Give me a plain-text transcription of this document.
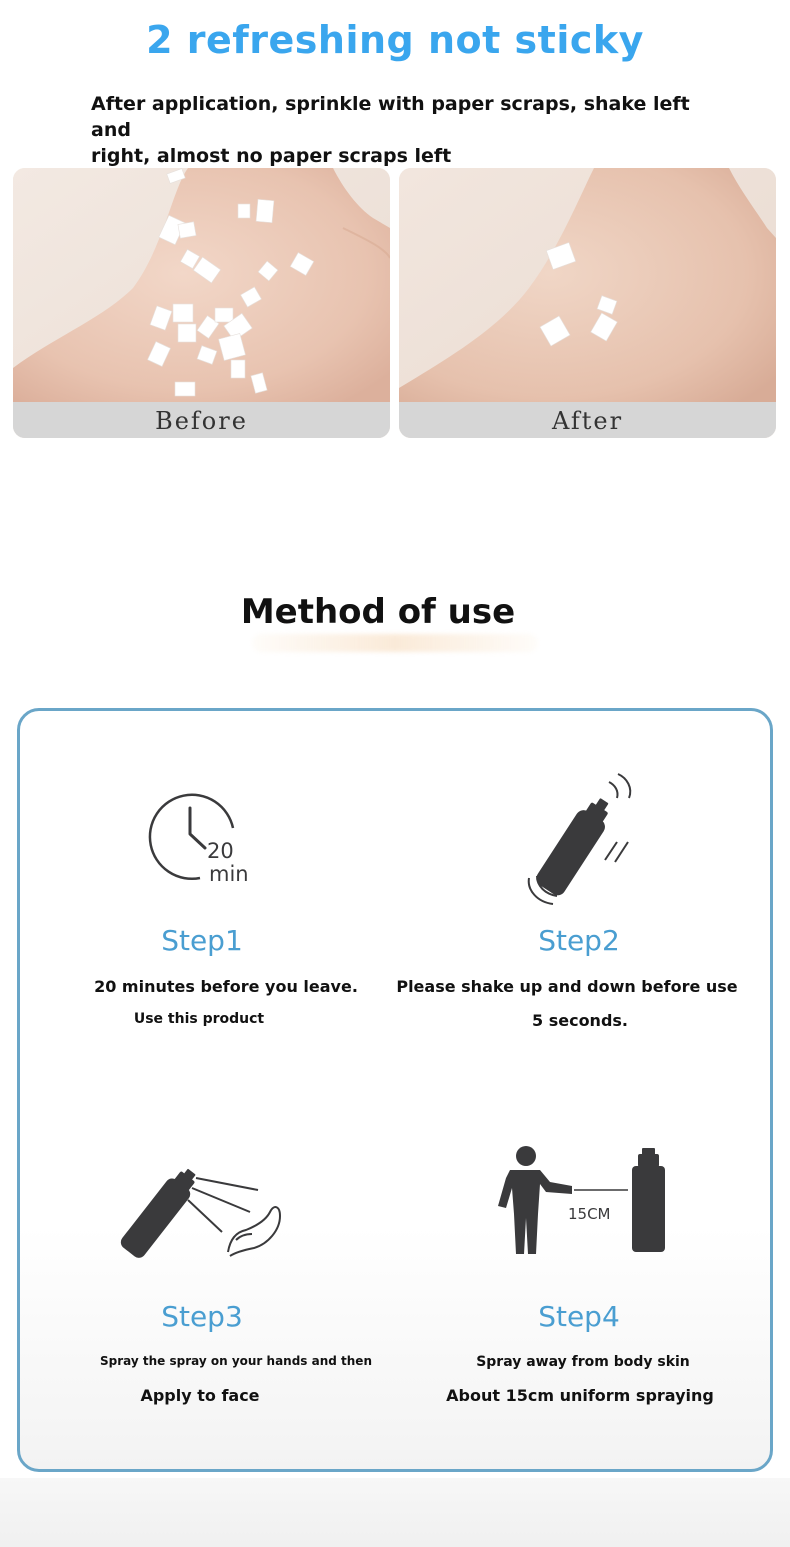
2 refreshing not sticky
After application, sprinkle with paper scraps, shake left and
right, almost no paper scraps left
Before	After
Method of use
20
min
Step1
20 minutes before you leave.
Use this product
Step2
Please shake up and down before use
5 seconds.
Step3
Spray the spray on your hands and then
Apply to face
15CM
Step4
Spray away from body skin
About 15cm uniform spraying
